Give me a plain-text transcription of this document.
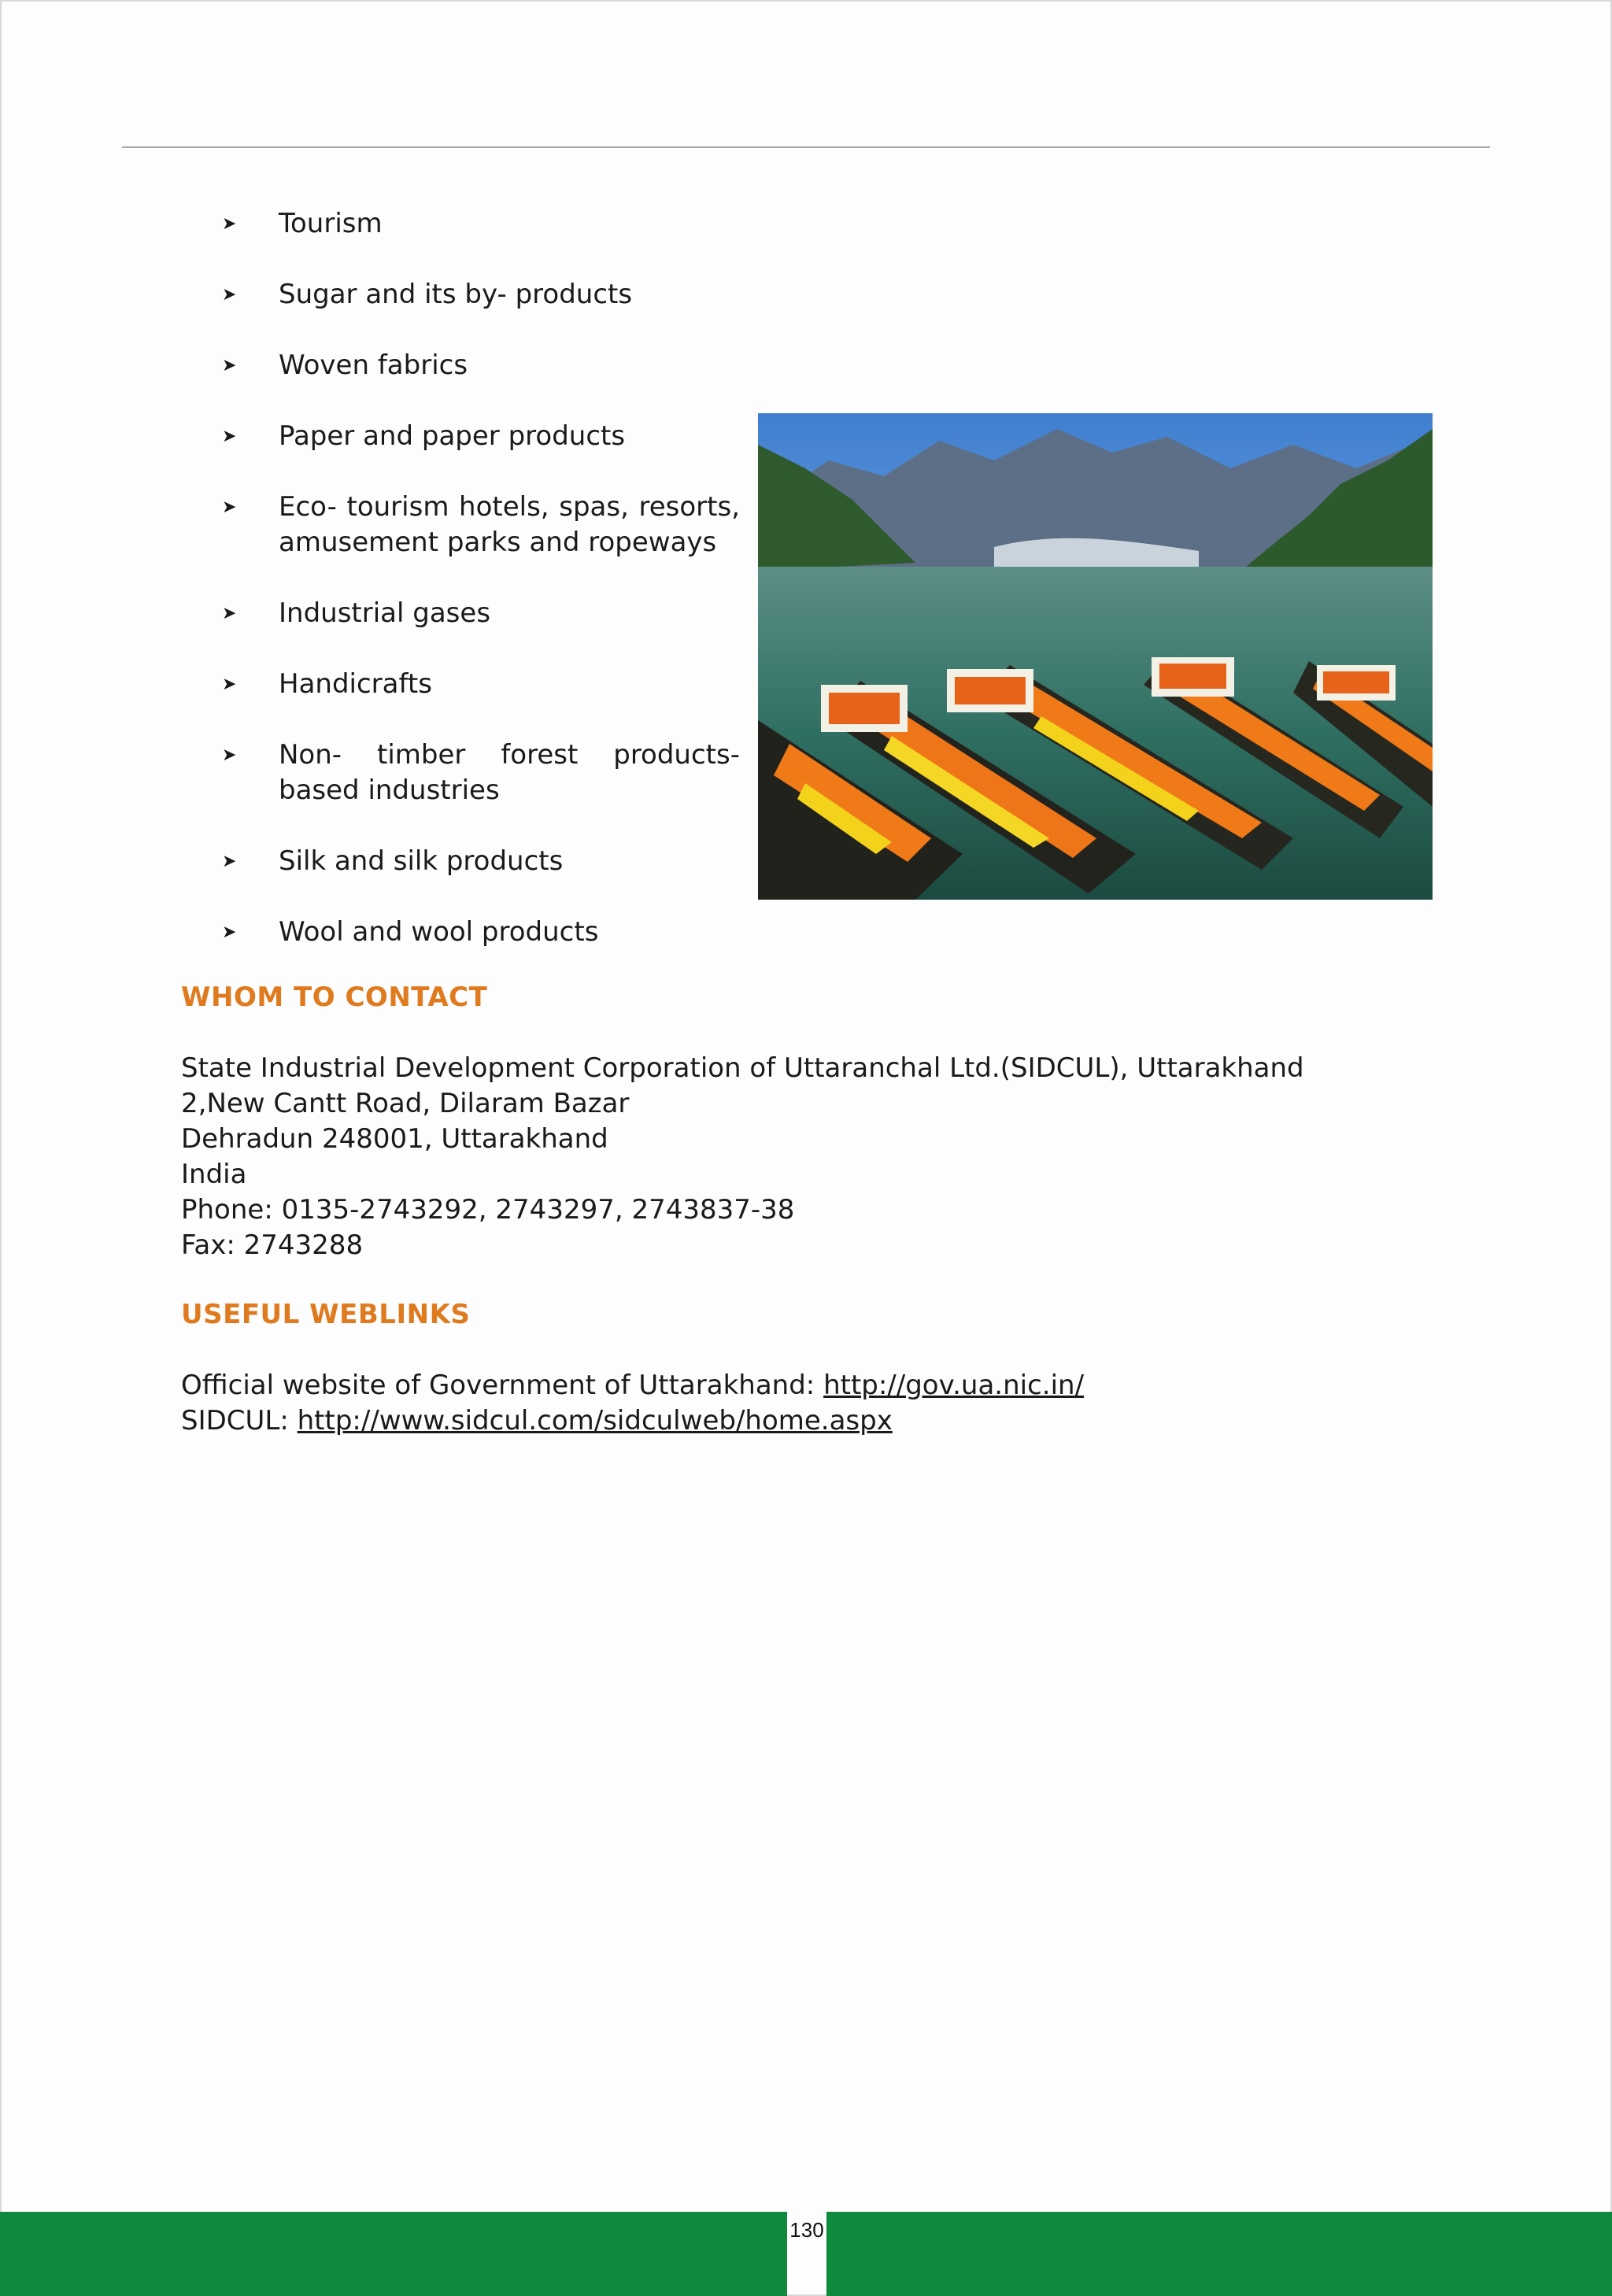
➤ Tourism
➤ Sugar and its by- products
➤ Woven fabrics
➤ Paper and paper products
➤ Eco- tourism hotels, spas, resorts, amusement parks and ropeways
➤ Industrial gases
➤ Handicrafts
➤ Non- timber forest products-based industries
➤ Silk and silk products
➤ Wool and wool products
WHOM TO CONTACT
State Industrial Development Corporation of Uttaranchal Ltd.(SIDCUL), Uttarakhand
2,New Cantt Road, Dilaram Bazar
Dehradun 248001, Uttarakhand
India
Phone: 0135-2743292, 2743297, 2743837-38
Fax: 2743288
USEFUL WEBLINKS
Official website of Government of Uttarakhand: http://gov.ua.nic.in/
SIDCUL: http://www.sidcul.com/sidculweb/home.aspx
130
